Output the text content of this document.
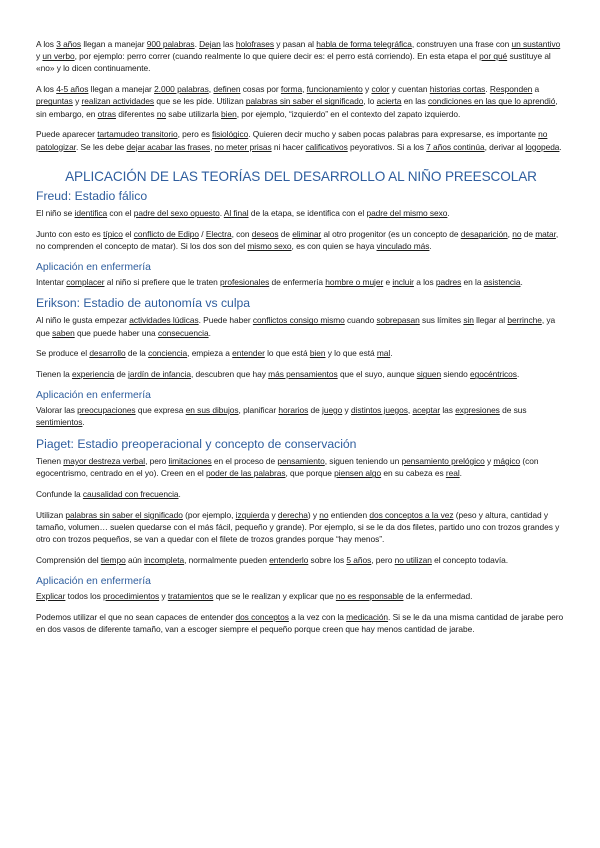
A los 3 años llegan a manejar 900 palabras. Dejan las holofrases y pasan al habla de forma telegráfica, construyen una frase con un sustantivo y un verbo, por ejemplo: perro correr (cuando realmente lo que quiere decir es: el perro está corriendo). En esta etapa el por qué sustituye al «no» y lo dicen continuamente.

A los 4-5 años llegan a manejar 2.000 palabras, definen cosas por forma, funcionamiento y color y cuentan historias cortas. Responden a preguntas y realizan actividades que se les pide. Utilizan palabras sin saber el significado, lo acierta en las condiciones en las que lo aprendió, sin embargo, en otras diferentes no sabe utilizarla bien, por ejemplo, “izquierdo” en el contexto del zapato izquierdo.

Puede aparecer tartamudeo transitorio, pero es fisiológico. Quieren decir mucho y saben pocas palabras para expresarse, es importante no patologizar. Se les debe dejar acabar las frases, no meter prisas ni hacer calificativos peyorativos. Si a los 7 años continúa, derivar al logopeda.

APLICACIÓN DE LAS TEORÍAS DEL DESARROLLO AL NIÑO PREESCOLAR
Freud: Estadio fálico

El niño se identifica con el padre del sexo opuesto. Al final de la etapa, se identifica con el padre del mismo sexo.

Junto con esto es típico el conflicto de Edipo / Electra, con deseos de eliminar al otro progenitor (es un concepto de desaparición, no de matar, no comprenden el concepto de matar). Si los dos son del mismo sexo, es con quien se haya vinculado más.

Aplicación en enfermería

Intentar complacer al niño si prefiere que le traten profesionales de enfermería hombre o mujer e incluir a los padres en la asistencia.

Erikson: Estadio de autonomía vs culpa

Al niño le gusta empezar actividades lúdicas. Puede haber conflictos consigo mismo cuando sobrepasan sus límites sin llegar al berrinche, ya que saben que puede haber una consecuencia.

Se produce el desarrollo de la conciencia, empieza a entender lo que está bien y lo que está mal.

Tienen la experiencia de jardín de infancia, descubren que hay más pensamientos que el suyo, aunque siguen siendo egocéntricos.

Aplicación en enfermería

Valorar las preocupaciones que expresa en sus dibujos, planificar horarios de juego y distintos juegos, aceptar las expresiones de sus sentimientos.

Piaget: Estadio preoperacional y concepto de conservación

Tienen mayor destreza verbal, pero limitaciones en el proceso de pensamiento, siguen teniendo un pensamiento prelógico y mágico (con egocentrismo, centrado en el yo). Creen en el poder de las palabras, que porque piensen algo en su cabeza es real.

Confunde la causalidad con frecuencia.

Utilizan palabras sin saber el significado (por ejemplo, izquierda y derecha) y no entienden dos conceptos a la vez (peso y altura, cantidad y tamaño, volumen… suelen quedarse con el más fácil, pequeño y grande). Por ejemplo, si se le da dos filetes, partido uno con trozos grandes y otro con trozos pequeños, se van a quedar con el filete de trozos grandes porque “hay menos”.

Comprensión del tiempo aún incompleta, normalmente pueden entenderlo sobre los 5 años, pero no utilizan el concepto todavía.

Aplicación en enfermería

Explicar todos los procedimientos y tratamientos que se le realizan y explicar que no es responsable de la enfermedad.

Podemos utilizar el que no sean capaces de entender dos conceptos a la vez con la medicación. Si se le da una misma cantidad de jarabe pero en dos vasos de diferente tamaño, van a escoger siempre el pequeño porque creen que hay menos cantidad de jarabe.
